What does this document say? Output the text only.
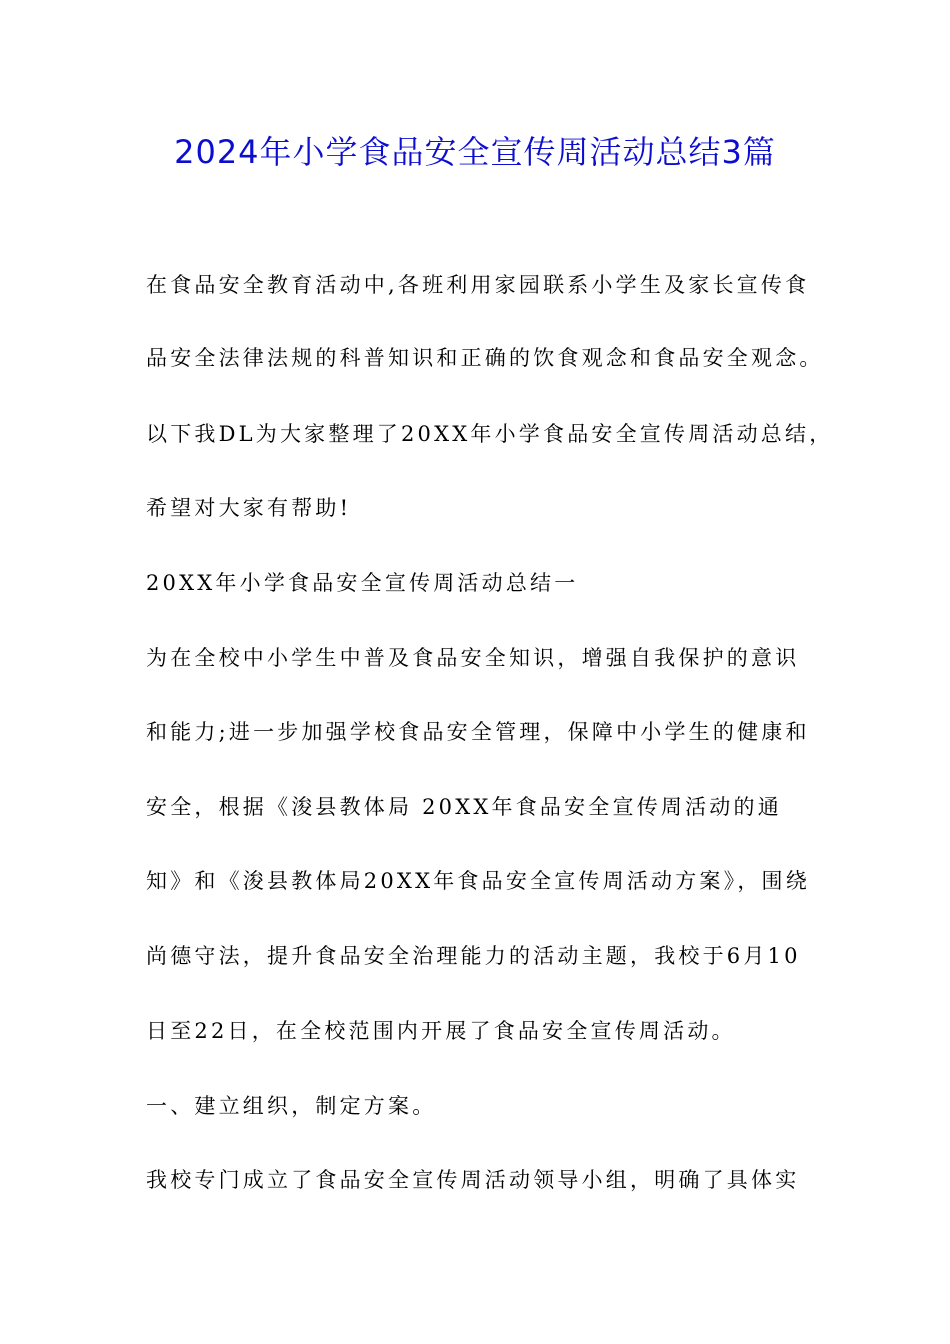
2024年小学食品安全宣传周活动总结3篇
在食品安全教育活动中,各班利用家园联系小学生及家长宣传食
品安全法律法规的科普知识和正确的饮食观念和食品安全观念。
以下我DL为大家整理了20XX年小学食品安全宣传周活动总结，
希望对大家有帮助!
20XX年小学食品安全宣传周活动总结一
为在全校中小学生中普及食品安全知识，增强自我保护的意识
和能力;进一步加强学校食品安全管理，保障中小学生的健康和
安全，根据《浚县教体局 20XX年食品安全宣传周活动的通
知》和《浚县教体局20XX年食品安全宣传周活动方案》，围绕
尚德守法，提升食品安全治理能力的活动主题，我校于6月10
日至22日，在全校范围内开展了食品安全宣传周活动。
一、建立组织，制定方案。
我校专门成立了食品安全宣传周活动领导小组，明确了具体实
